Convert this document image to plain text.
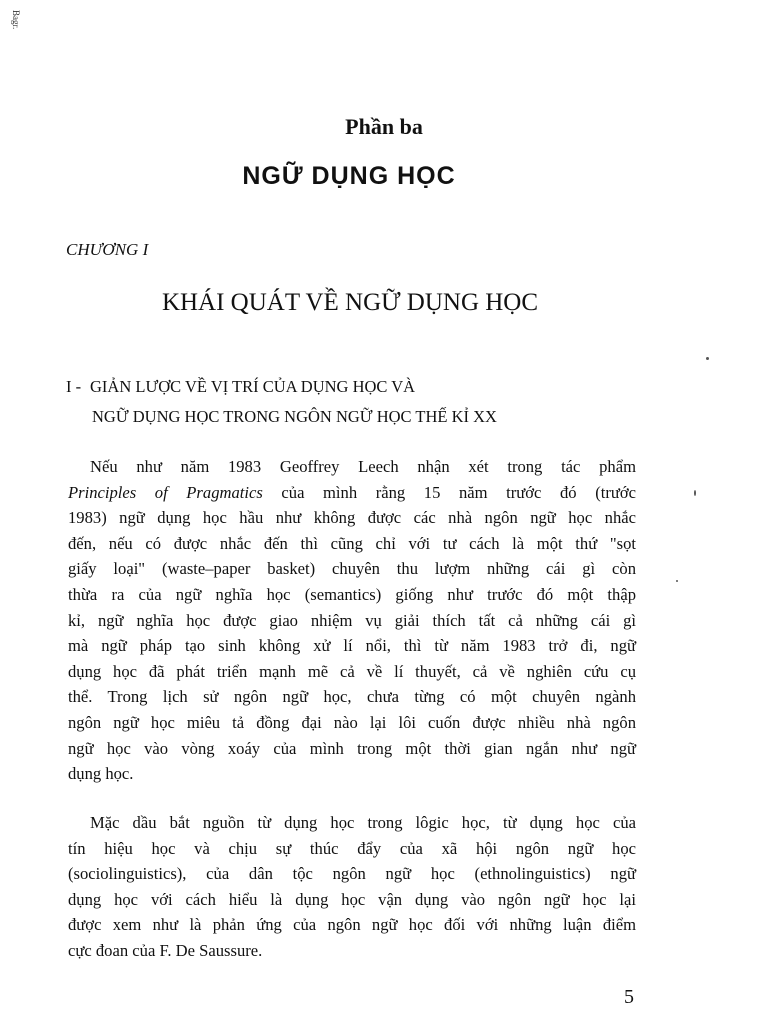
Bagr.
Phần ba
NGỮ DỤNG HỌC
CHƯƠNG I
KHÁI QUÁT VỀ NGỮ DỤNG HỌC
I - GIẢN LƯỢC VỀ VỊ TRÍ CỦA DỤNG HỌC VÀ
NGỮ DỤNG HỌC TRONG NGÔN NGỮ HỌC THẾ KỈ XX
Nếu như năm 1983 Geoffrey Leech nhận xét trong tác phẩm
Principles of Pragmatics của mình rằng 15 năm trước đó (trước
1983) ngữ dụng học hầu như không được các nhà ngôn ngữ học nhắc
đến, nếu có được nhắc đến thì cũng chỉ với tư cách là một thứ "sọt
giấy loại" (waste–paper basket) chuyên thu lượm những cái gì còn
thừa ra của ngữ nghĩa học (semantics) giống như trước đó một thập
kỉ, ngữ nghĩa học được giao nhiệm vụ giải thích tất cả những cái gì
mà ngữ pháp tạo sinh không xử lí nổi, thì từ năm 1983 trở đi, ngữ
dụng học đã phát triển mạnh mẽ cả về lí thuyết, cả về nghiên cứu cụ
thể. Trong lịch sử ngôn ngữ học, chưa từng có một chuyên ngành
ngôn ngữ học miêu tả đồng đại nào lại lôi cuốn được nhiều nhà ngôn
ngữ học vào vòng xoáy của mình trong một thời gian ngắn như ngữ
dụng học.
Mặc dầu bắt nguồn từ dụng học trong lôgic học, từ dụng học của
tín hiệu học và chịu sự thúc đẩy của xã hội ngôn ngữ học
(sociolinguistics), của dân tộc ngôn ngữ học (ethnolinguistics) ngữ
dụng học với cách hiểu là dụng học vận dụng vào ngôn ngữ học lại
được xem như là phản ứng của ngôn ngữ học đối với những luận điểm
cực đoan của F. De Saussure.
5
